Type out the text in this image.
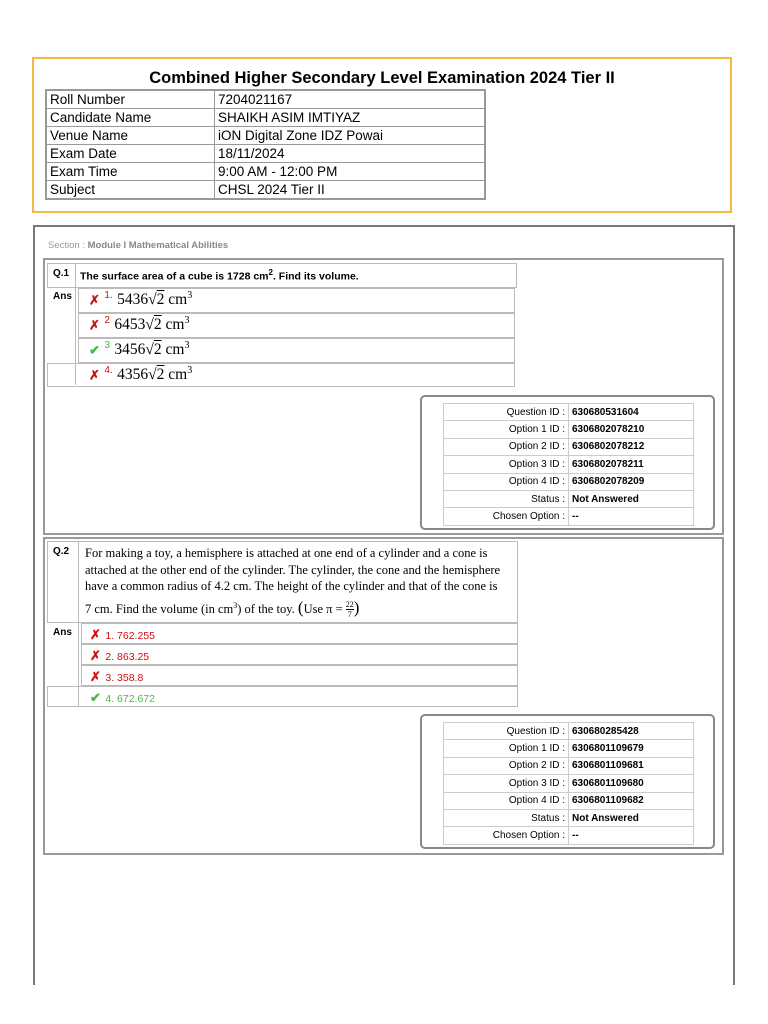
Combined Higher Secondary Level Examination 2024 Tier II
Roll Number	7204021167
Candidate Name	SHAIKH ASIM IMTIYAZ
Venue Name	iON Digital Zone IDZ Powai
Exam Date	18/11/2024
Exam Time	9:00 AM - 12:00 PM
Subject	CHSL 2024 Tier II
Section : Module I Mathematical Abilities
Q.1 The surface area of a cube is 1728 $cm^2$. Find its volume.
Ans ✗ $^{1.}$ 5436√2 $cm^3$
✗ $^2$ 6453√2 $cm^3$
✔ $^3$ 3456√2 $cm^3$
✗ $^{4.}$ 4356√2 $cm^3$
Question ID :	630680531604
Option 1 ID :	6306802078210
Option 2 ID :	6306802078212
Option 3 ID :	6306802078211
Option 4 ID :	6306802078209
Status :	Not Answered
Chosen Option :	--
Q.2 For making a toy, a hemisphere is attached at one end of a cylinder and a cone is
attached at the other end of the cylinder. The cylinder, the cone and the hemisphere
have a common radius of 4.2 cm. The height of the cylinder and that of the cone is
7 cm. Find the volume (in $cm^3$) of the toy. (Use $\pi = \frac{22}{7}$ )
Ans ✗ 1. 762.255
✗ 2. 863.25
✗ 3. 358.8
✔ 4. 672.672
Question ID :	630680285428
Option 1 ID :	6306801109679
Option 2 ID :	6306801109681
Option 3 ID :	6306801109680
Option 4 ID :	6306801109682
Status :	Not Answered
Chosen Option :	--
